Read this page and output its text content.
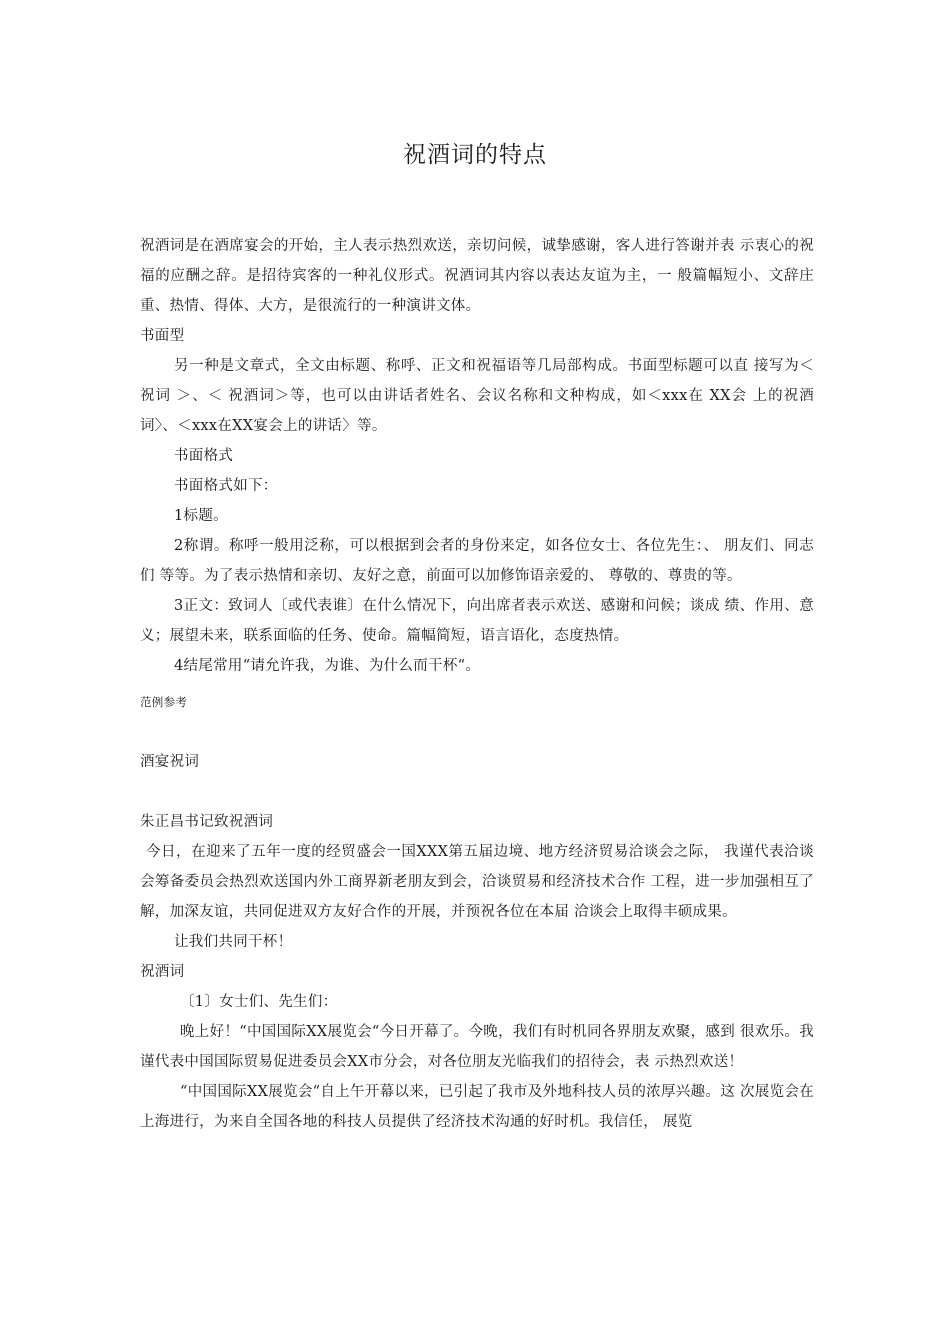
祝酒词的特点

祝酒词是在酒席宴会的开始，主人表示热烈欢送，亲切问候，诚挚感谢，客人进行答谢并表 示衷心的祝福的应酬之辞。是招待宾客的一种礼仪形式。祝酒词其内容以表达友谊为主，一 般篇幅短小、文辞庄重、热情、得体、大方，是很流行的一种演讲文体。

书面型

另一种是文章式，全文由标题、称呼、正文和祝福语等几局部构成。书面型标题可以直 接写为＜祝词 ＞、＜ 祝酒词＞等，也可以由讲话者姓名、会议名称和文种构成，如＜xxx在 XX会 上的祝酒词〉、＜xxx在XX宴会上的讲话〉等。

书面格式

书面格式如下：

1标题。

2称谓。称呼一般用泛称，可以根据到会者的身份来定，如各位女士、各位先生：、 朋友们、同志们 等等。为了表示热情和亲切、友好之意，前面可以加修饰语亲爱的、 尊敬的、尊贵的等。

3正文：致词人〔或代表谁〕在什么情况下，向出席者表示欢送、感谢和问候；谈成 绩、作用、意义；展望未来，联系面临的任务、使命。篇幅简短，语言语化，态度热情。

4结尾常用“请允许我，为谁、为什么而干杯“。

范例参考

酒宴祝词

朱正昌书记致祝酒词

今日，在迎来了五年一度的经贸盛会一国XXX第五届边境、地方经济贸易洽谈会之际， 我谨代表洽谈会筹备委员会热烈欢送国内外工商界新老朋友到会，洽谈贸易和经济技术合作 工程，进一步加强相互了解，加深友谊，共同促进双方友好合作的开展，并预祝各位在本届 洽谈会上取得丰硕成果。

让我们共同干杯！

祝酒词

〔1〕女士们、先生们：

晚上好！“中国国际XX展览会“今日开幕了。今晚，我们有时机同各界朋友欢聚，感到 很欢乐。我谨代表中国国际贸易促进委员会XX市分会，对各位朋友光临我们的招待会，表 示热烈欢送！

“中国国际XX展览会“自上午开幕以来，已引起了我市及外地科技人员的浓厚兴趣。这 次展览会在上海进行，为来自全国各地的科技人员提供了经济技术沟通的好时机。我信任， 展览
